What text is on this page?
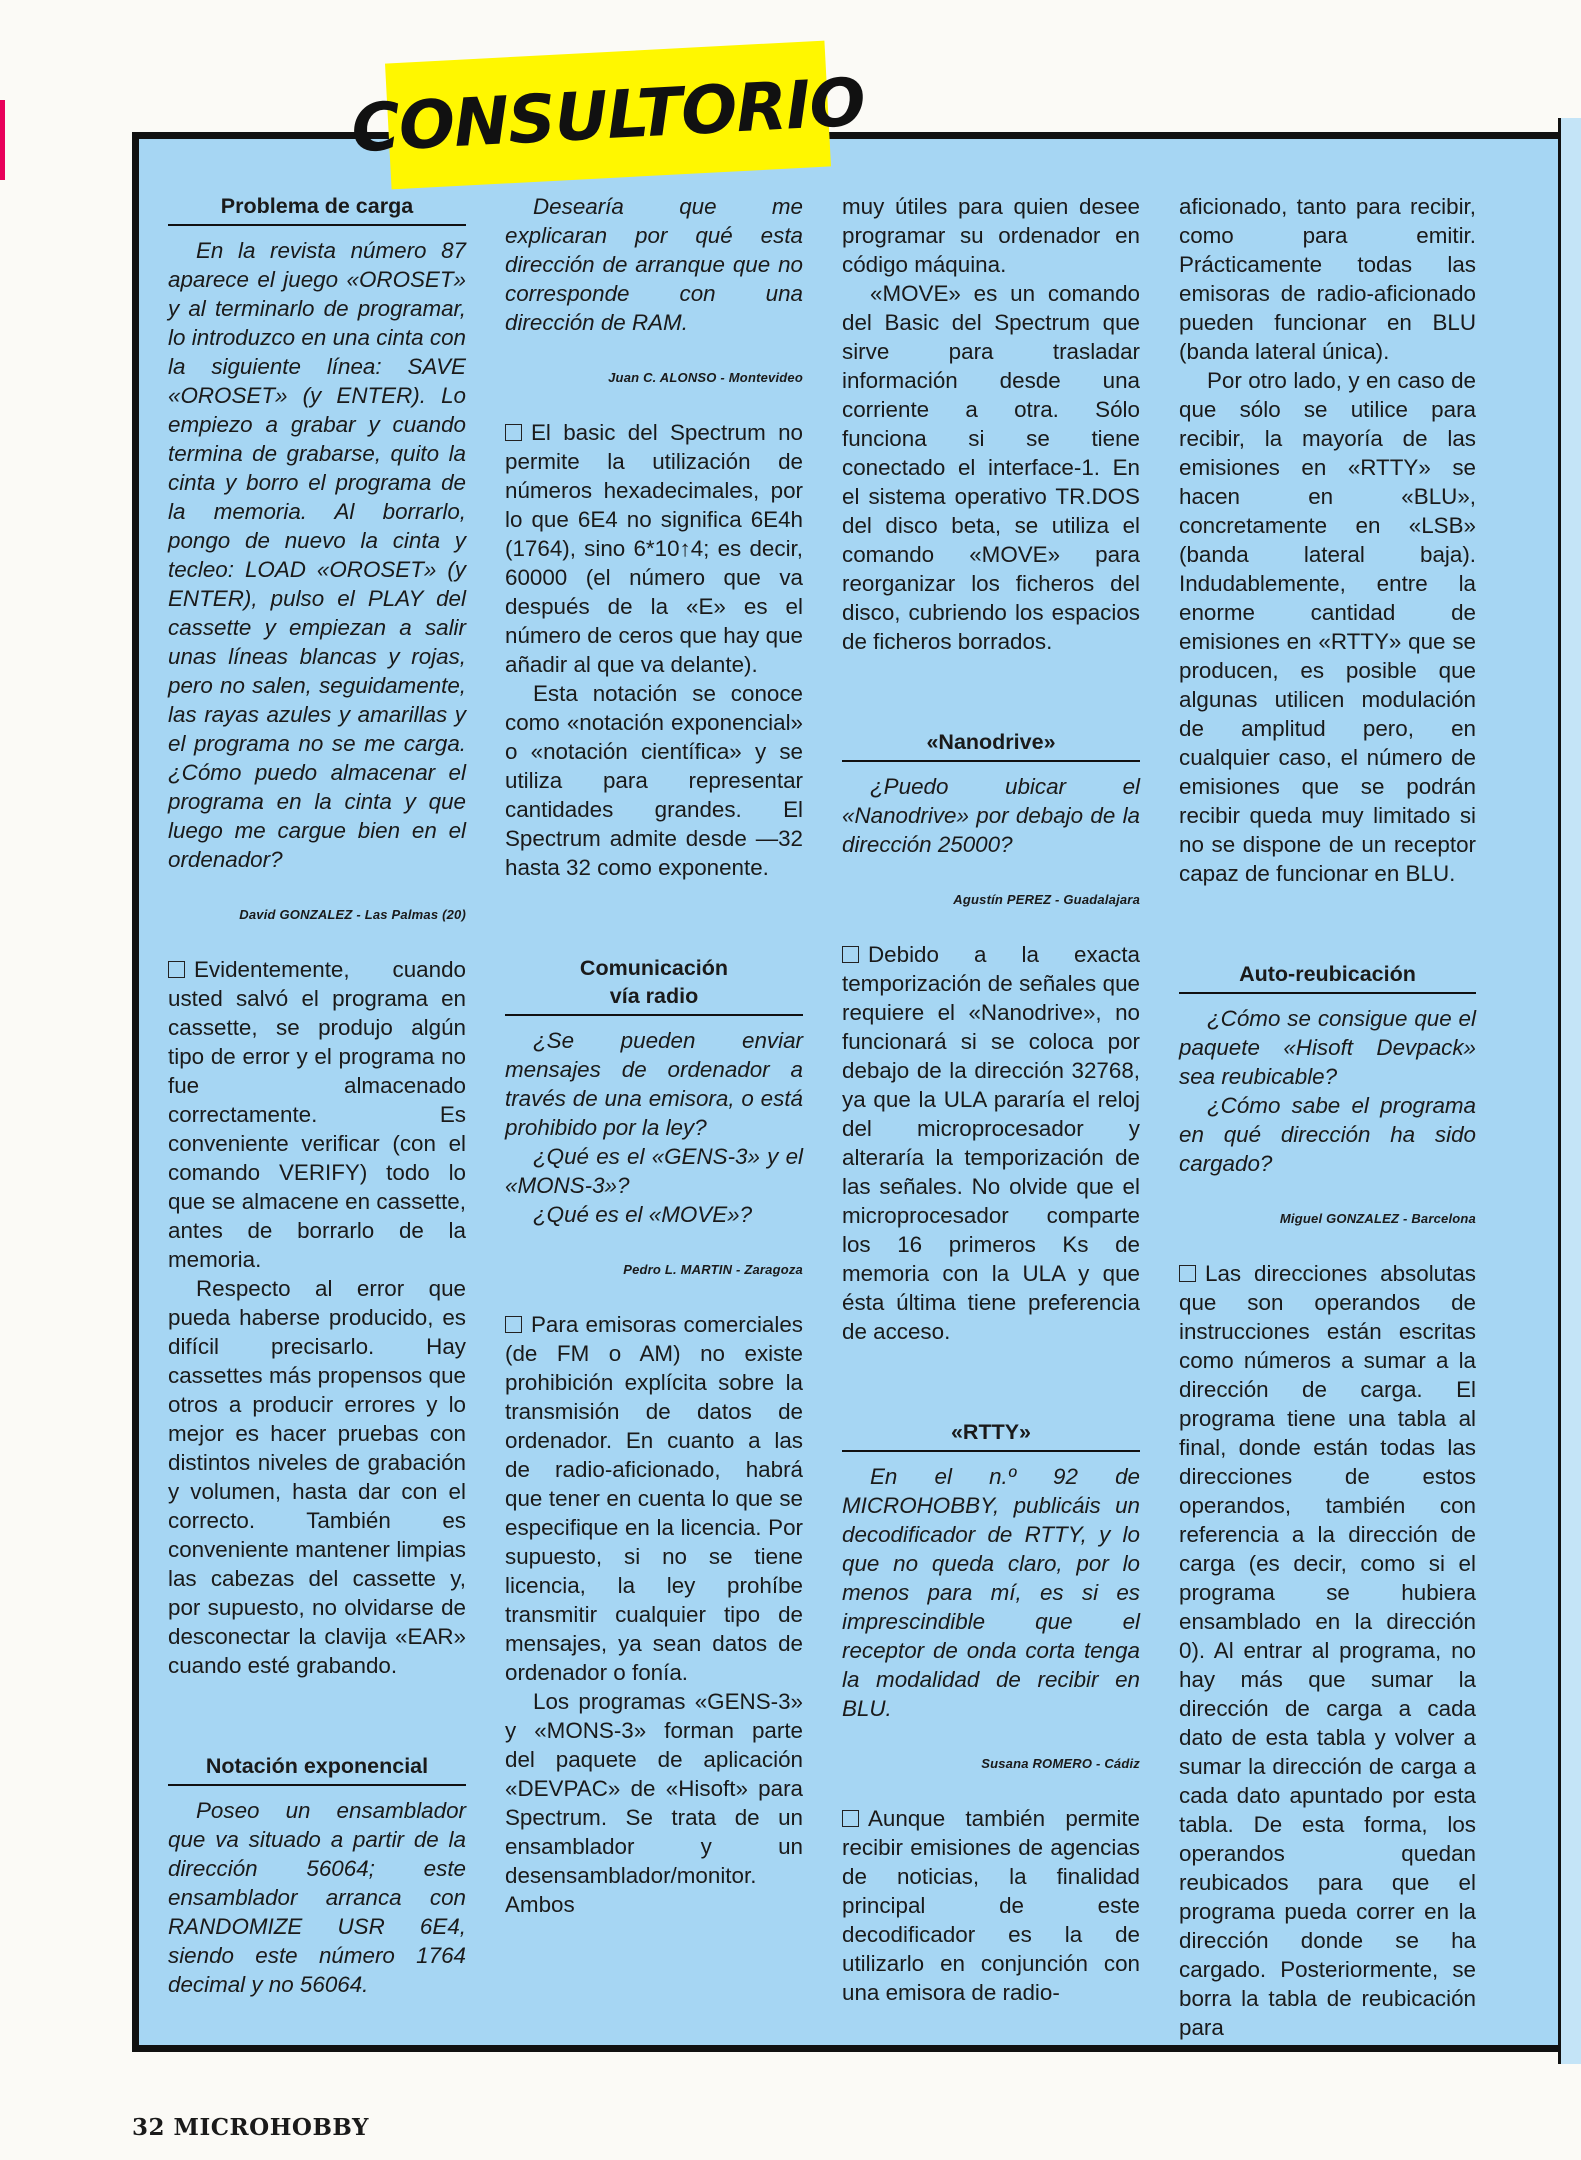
CONSULTORIO
Problema de carga

En la revista número 87 aparece el juego «OROSET» y al terminarlo de programar, lo introduzco en una cinta con la siguiente línea: SAVE «OROSET» (y ENTER). Lo empiezo a grabar y cuando termina de grabarse, quito la cinta y borro el programa de la memoria. Al borrarlo, pongo de nuevo la cinta y tecleo: LOAD «OROSET» (y ENTER), pulso el PLAY del cassette y empiezan a salir unas líneas blancas y rojas, pero no salen, seguidamente, las rayas azules y amarillas y el programa no se me carga. ¿Cómo puedo almacenar el programa en la cinta y que luego me cargue bien en el ordenador?

David GONZALEZ - Las Palmas (20)

Evidentemente, cuando usted salvó el programa en cassette, se produjo algún tipo de error y el programa no fue almacenado correctamente. Es conveniente verificar (con el comando VERIFY) todo lo que se almacene en cassette, antes de borrarlo de la memoria.

Respecto al error que pueda haberse producido, es difícil precisarlo. Hay cassettes más propensos que otros a producir errores y lo mejor es hacer pruebas con distintos niveles de grabación y volumen, hasta dar con el correcto. También es conveniente mantener limpias las cabezas del cassette y, por supuesto, no olvidarse de desconectar la clavija «EAR» cuando esté grabando.

Notación exponencial

Poseo un ensamblador que va situado a partir de la dirección 56064; este ensamblador arranca con RANDOMIZE USR 6E4, siendo este número 1764 decimal y no 56064.

Desearía que me explicaran por qué esta dirección de arranque que no corresponde con una dirección de RAM.

Juan C. ALONSO - Montevideo

El basic del Spectrum no permite la utilización de números hexadecimales, por lo que 6E4 no significa 6E4h (1764), sino 6*10↑4; es decir, 60000 (el número que va después de la «E» es el número de ceros que hay que añadir al que va delante).

Esta notación se conoce como «notación exponencial» o «notación científica» y se utiliza para representar cantidades grandes. El Spectrum admite desde —32 hasta 32 como exponente.

Comunicación
vía radio

¿Se pueden enviar mensajes de ordenador a través de una emisora, o está prohibido por la ley?

¿Qué es el «GENS-3» y el «MONS-3»?

¿Qué es el «MOVE»?

Pedro L. MARTIN - Zaragoza

Para emisoras comerciales (de FM o AM) no existe prohibición explícita sobre la transmisión de datos de ordenador. En cuanto a las de radio-aficionado, habrá que tener en cuenta lo que se especifique en la licencia. Por supuesto, si no se tiene licencia, la ley prohíbe transmitir cualquier tipo de mensajes, ya sean datos de ordenador o fonía.

Los programas «GENS-3» y «MONS-3» forman parte del paquete de aplicación «DEVPAC» de «Hisoft» para Spectrum. Se trata de un ensamblador y un desensamblador/monitor. Ambos

muy útiles para quien desee programar su ordenador en código máquina.

«MOVE» es un comando del Basic del Spectrum que sirve para trasladar información desde una corriente a otra. Sólo funciona si se tiene conectado el interface-1. En el sistema operativo TR.DOS del disco beta, se utiliza el comando «MOVE» para reorganizar los ficheros del disco, cubriendo los espacios de ficheros borrados.

«Nanodrive»

¿Puedo ubicar el «Nanodrive» por debajo de la dirección 25000?

Agustín PEREZ - Guadalajara

Debido a la exacta temporización de señales que requiere el «Nanodrive», no funcionará si se coloca por debajo de la dirección 32768, ya que la ULA pararía el reloj del microprocesador y alteraría la temporización de las señales. No olvide que el microprocesador comparte los 16 primeros Ks de memoria con la ULA y que ésta última tiene preferencia de acceso.

«RTTY»

En el n.º 92 de MICROHOBBY, publicáis un decodificador de RTTY, y lo que no queda claro, por lo menos para mí, es si es imprescindible que el receptor de onda corta tenga la modalidad de recibir en BLU.

Susana ROMERO - Cádiz

Aunque también permite recibir emisiones de agencias de noticias, la finalidad principal de este decodificador es la de utilizarlo en conjunción con una emisora de radio-

aficionado, tanto para recibir, como para emitir. Prácticamente todas las emisoras de radio-aficionado pueden funcionar en BLU (banda lateral única).

Por otro lado, y en caso de que sólo se utilice para recibir, la mayoría de las emisiones en «RTTY» se hacen en «BLU», concretamente en «LSB» (banda lateral baja). Indudablemente, entre la enorme cantidad de emisiones en «RTTY» que se producen, es posible que algunas utilicen modulación de amplitud pero, en cualquier caso, el número de emisiones que se podrán recibir queda muy limitado si no se dispone de un receptor capaz de funcionar en BLU.

Auto-reubicación

¿Cómo se consigue que el paquete «Hisoft Devpack» sea reubicable?

¿Cómo sabe el programa en qué dirección ha sido cargado?

Miguel GONZALEZ - Barcelona

Las direcciones absolutas que son operandos de instrucciones están escritas como números a sumar a la dirección de carga. El programa tiene una tabla al final, donde están todas las direcciones de estos operandos, también con referencia a la dirección de carga (es decir, como si el programa se hubiera ensamblado en la dirección 0). Al entrar al programa, no hay más que sumar la dirección de carga a cada dato de esta tabla y volver a sumar la dirección de carga a cada dato apuntado por esta tabla. De esta forma, los operandos quedan reubicados para que el programa pueda correr en la dirección donde se ha cargado. Posteriormente, se borra la tabla de reubicación para

32 MICROHOBBY
